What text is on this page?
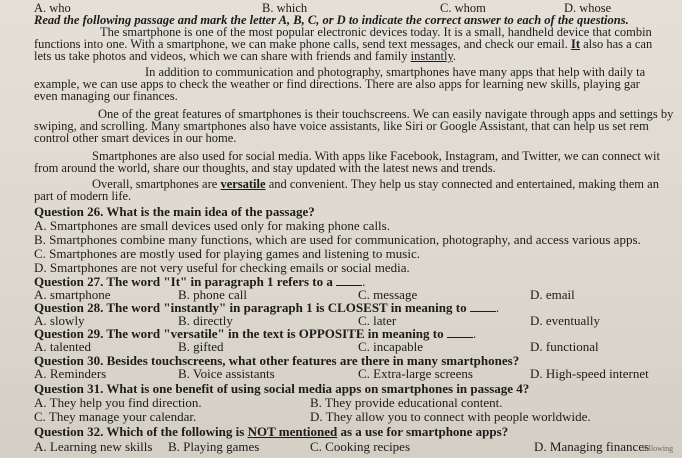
A. who	B. which	C. whom	D. whose
Read the following passage and mark the letter A, B, C, or D to indicate the correct answer to each of the questions.
The smartphone is one of the most popular electronic devices today. It is a small, handheld device that combin
functions into one. With a smartphone, we can make phone calls, send text messages, and check our email. It also has a can
lets us take photos and videos, which we can share with friends and family instantly.
In addition to communication and photography, smartphones have many apps that help with daily ta
example, we can use apps to check the weather or find directions. There are also apps for learning new skills, playing gar
even managing our finances.
One of the great features of smartphones is their touchscreens. We can easily navigate through apps and settings by
swiping, and scrolling. Many smartphones also have voice assistants, like Siri or Google Assistant, that can help us set rem
control other smart devices in our home.
Smartphones are also used for social media. With apps like Facebook, Instagram, and Twitter, we can connect wit
from around the world, share our thoughts, and stay updated with the latest news and trends.
Overall, smartphones are versatile and convenient. They help us stay connected and entertained, making them an
part of modern life.
Question 26. What is the main idea of the passage?
A. Smartphones are small devices used only for making phone calls.
B. Smartphones combine many functions, which are used for communication, photography, and access various apps.
C. Smartphones are mostly used for playing games and listening to music.
D. Smartphones are not very useful for checking emails or social media.
Question 27. The word "It" in paragraph 1 refers to a .
A. smartphone	B. phone call	C. message	D. email
Question 28. The word "instantly" in paragraph 1 is CLOSEST in meaning to .
A. slowly	B. directly	C. later	D. eventually
Question 29. The word "versatile" in the text is OPPOSITE in meaning to .
A. talented	B. gifted	C. incapable	D. functional
Question 30. Besides touchscreens, what other features are there in many smartphones?
A. Reminders	B. Voice assistants	C. Extra-large screens	D. High-speed internet
Question 31. What is one benefit of using social media apps on smartphones in passage 4?
A. They help you find direction.	B. They provide educational content.
C. They manage your calendar.	D. They allow you to connect with people worldwide.
Question 32. Which of the following is NOT mentioned as a use for smartphone apps?
A. Learning new skills B. Playing games	C. Cooking recipes	D. Managing finances
following
